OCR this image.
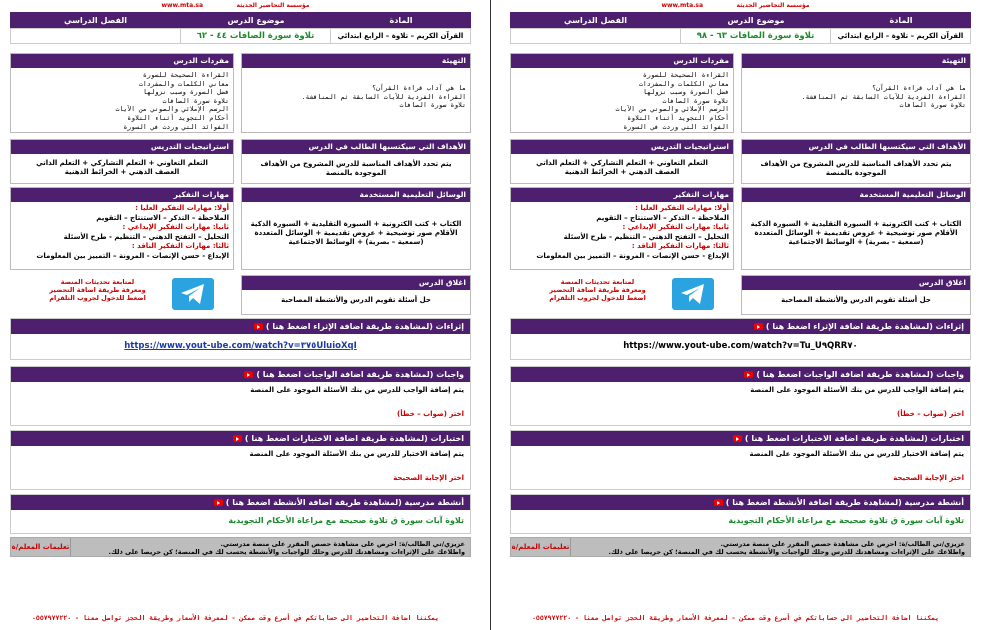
www.mta.sa	مؤسسة التحاضير الحديثة
المادة
موضوع الدرس
الفصل الدراسي
القرآن الكريم – تلاوة – الرابع ابتدائي
تلاوة سورة الصافات ٤٤ - ٦٢
التهيئة
ما هي آداب قراءة القرآن؟
القراءة الفردية للآيات السابقة ثم المناقشة.
تلاوة سورة الصافات
مفردات الدرس
القراءة الصحيحة للسورة
معاني الكلمات والمفردات
فضل السورة وسبب نزولها
تلاوة سورة الصافات
الرسم الإملائي والصوتي من الآيات
أحكام التجويد أثناء التلاوة
الفوائد التي وردت في السورة
الأهداف التي سيكتسبها الطالب في الدرس
يتم تحدد الأهداف المناسبة للدرس المشروح من الأهداف الموجودة بالمنصة
استراتيجيات التدريس
التعلم التعاوني + التعلم التشاركي + التعلم الذاتي
العصف الذهني + الخرائط الذهنية
الوسائل التعليمية المستخدمة
الكتاب + كتب الكترونية + السبورة التقليدية + السبورة الذكية
الأقلام صور توضيحية + عروض تقديمية + الوسائل المتعددة
(سمعية – بصرية) + الوسائط الاجتماعية
مهارات التفكير
أولا: مهارات التفكير العليا :
الملاحظة – التذكر – الاستنتاج – التقويم
ثانيا: مهارات التفكير الإبداعي :
التحليل – التفتح الذهني – التنظيم - طرح الأسئلة
ثالثا: مهارات التفكير الناقد :
الإبداع - حسن الإنصات - المرونة – التمييز بين المعلومات
اغلاق الدرس
حل أسئلة تقويم الدرس والأنشطة المصاحبة
لمتابعة تحديثات المنصة
ومعرفة طريقة اضافة التحضير
اضغط للدخول لجروب التلقرام
إثراءات (لمشاهدة طريقة اضافة الإثراء اضغط هنا )
https://www.yout-ube.com/watch?v=٣٧٥UluioXqI
واجبات (لمشاهدة طريقة اضافة الواجبات اضغط هنا )
يتم إضافة الواجب للدرس من بنك الأسئلة الموجود على المنصة
اختر (صواب – خطأ)
اختبارات (لمشاهدة طريقة اضافة الاختبارات اضغط هنا )
يتم إضافة الاختبار للدرس من بنك الأسئلة الموجود على المنصة
اختر الإجابة الصحيحة
أنشطة مدرسية (لمشاهدة طريقة اضافة الأنشطة اضغط هنا )
تلاوة آيات سورة ق تلاوة صحيحة مع مراعاة الأحكام التجويدية
عزيزي/تي الطالب/ة: احرص على مشاهدة حصص المقرر على منصة مدرستي.
واطلاعك على الإثراءات ومشاهدتك للدرس وحلك للواجبات والأنشطة يحسب لك في المنصة؛ كن حريصا على ذلك.
تعليمات المعلم/ة
يمكننا اضافة التحاضير الى حساباتكم في أسرع وقت ممكن - لمعرفة الأسعار وطريقة الحجز تواصل معنا - ٠٥٥٧٩٧٧٢٢٠
www.mta.sa	مؤسسة التحاضير الحديثة
المادة
موضوع الدرس
الفصل الدراسي
القرآن الكريم – تلاوة – الرابع ابتدائي
تلاوة سورة الصافات ٦٣ - ٩٨
التهيئة
ما هي آداب قراءة القرآن؟
القراءة الفردية للآيات السابقة ثم المناقشة.
تلاوة سورة الصافات
مفردات الدرس
القراءة الصحيحة للسورة
معاني الكلمات والمفردات
فضل السورة وسبب نزولها
تلاوة سورة الصافات
الرسم الإملائي والصوتي من الآيات
أحكام التجويد أثناء التلاوة
الفوائد التي وردت في السورة
الأهداف التي سيكتسبها الطالب في الدرس
يتم تحدد الأهداف المناسبة للدرس المشروح من الأهداف الموجودة بالمنصة
استراتيجيات التدريس
التعلم التعاوني + التعلم التشاركي + التعلم الذاتي
العصف الذهني + الخرائط الذهنية
الوسائل التعليمية المستخدمة
الكتاب + كتب الكترونية + السبورة التقليدية + السبورة الذكية
الأقلام صور توضيحية + عروض تقديمية + الوسائل المتعددة
(سمعية – بصرية) + الوسائط الاجتماعية
مهارات التفكير
أولا: مهارات التفكير العليا :
الملاحظة – التذكر – الاستنتاج – التقويم
ثانيا: مهارات التفكير الإبداعي :
التحليل – التفتح الذهني – التنظيم - طرح الأسئلة
ثالثا: مهارات التفكير الناقد :
الإبداع - حسن الإنصات - المرونة – التمييز بين المعلومات
اغلاق الدرس
حل أسئلة تقويم الدرس والأنشطة المصاحبة
لمتابعة تحديثات المنصة
ومعرفة طريقة اضافة التحضير
اضغط للدخول لجروب التلقرام
إثراءات (لمشاهدة طريقة اضافة الإثراء اضغط هنا )
https://www.yout-ube.com/watch?v=Tu_U٩QRR٧٠
واجبات (لمشاهدة طريقة اضافة الواجبات اضغط هنا )
يتم إضافة الواجب للدرس من بنك الأسئلة الموجود على المنصة
اختر (صواب – خطأ)
اختبارات (لمشاهدة طريقة اضافة الاختبارات اضغط هنا )
يتم إضافة الاختبار للدرس من بنك الأسئلة الموجود على المنصة
اختر الإجابة الصحيحة
أنشطة مدرسية (لمشاهدة طريقة اضافة الأنشطة اضغط هنا )
تلاوة آيات سورة ق تلاوة صحيحة مع مراعاة الأحكام التجويدية
عزيزي/تي الطالب/ة: احرص على مشاهدة حصص المقرر على منصة مدرستي.
واطلاعك على الإثراءات ومشاهدتك للدرس وحلك للواجبات والأنشطة يحسب لك في المنصة؛ كن حريصا على ذلك.
تعليمات المعلم/ة
يمكننا اضافة التحاضير الى حساباتكم في أسرع وقت ممكن - لمعرفة الأسعار وطريقة الحجز تواصل معنا - ٠٥٥٧٩٧٧٢٢٠
